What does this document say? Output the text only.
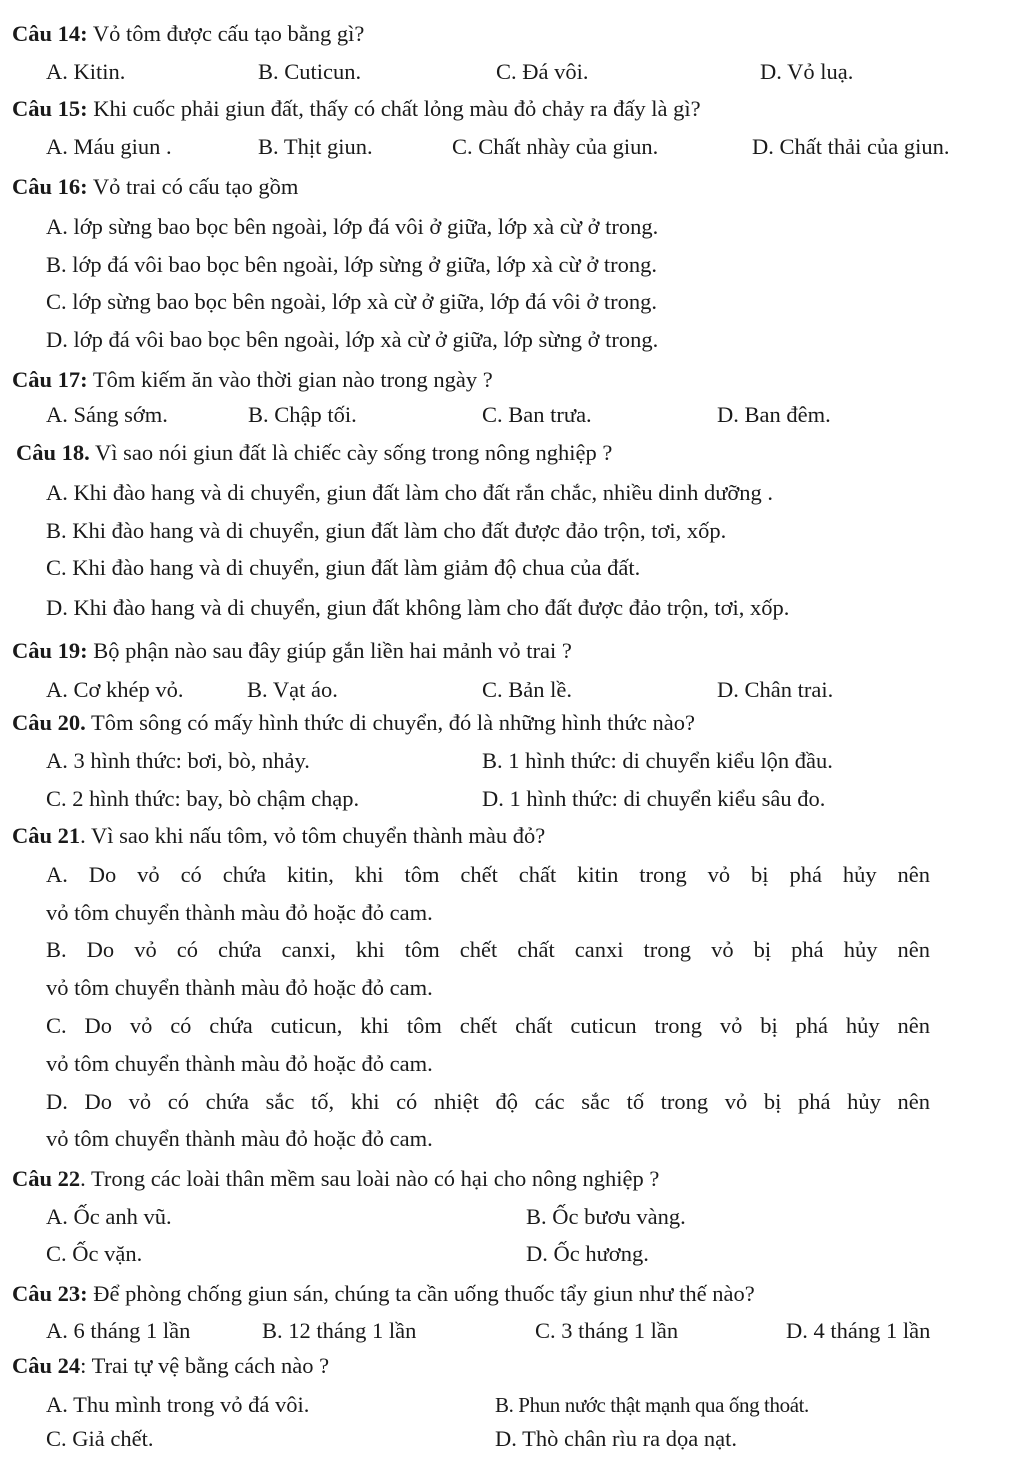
Câu 14: Vỏ tôm được cấu tạo bằng gì?
A. Kitin.	B. Cuticun.	C. Đá vôi.	D. Vỏ luạ.
Câu 15: Khi cuốc phải giun đất, thấy có chất lỏng màu đỏ chảy ra đấy là gì?
A. Máu giun .	B. Thịt giun.	C. Chất nhày của giun.	D. Chất thải của giun.
Câu 16: Vỏ trai có cấu tạo gồm
A. lớp sừng bao bọc bên ngoài, lớp đá vôi ở giữa, lớp xà cừ ở trong.
B. lớp đá vôi bao bọc bên ngoài, lớp sừng ở giữa, lớp xà cừ ở trong.
C. lớp sừng bao bọc bên ngoài, lớp xà cừ ở giữa, lớp đá vôi ở trong.
D. lớp đá vôi bao bọc bên ngoài, lớp xà cừ ở giữa, lớp sừng ở trong.
Câu 17: Tôm kiếm ăn vào thời gian nào trong ngày ?
A. Sáng sớm.	B. Chập tối.	C. Ban trưa.	D. Ban đêm.
Câu 18. Vì sao nói giun đất là chiếc cày sống trong nông nghiệp ?
A. Khi đào hang và di chuyển, giun đất làm cho đất rắn chắc, nhiều dinh dưỡng .
B. Khi đào hang và di chuyển, giun đất làm cho đất được đảo trộn, tơi, xốp.
C. Khi đào hang và di chuyển, giun đất làm giảm độ chua của đất.
D. Khi đào hang và di chuyển, giun đất không làm cho đất được đảo trộn, tơi, xốp.
Câu 19: Bộ phận nào sau đây giúp gắn liền hai mảnh vỏ trai ?
A. Cơ khép vỏ.	B. Vạt áo.	C. Bản lề.	D. Chân trai.
Câu 20. Tôm sông có mấy hình thức di chuyển, đó là những hình thức nào?
A. 3 hình thức: bơi, bò, nhảy.	B. 1 hình thức: di chuyển kiểu lộn đầu.
C. 2 hình thức: bay, bò chậm chạp.	D. 1 hình thức: di chuyển kiểu sâu đo.
Câu 21. Vì sao khi nấu tôm, vỏ tôm chuyển thành màu đỏ?
A. Do vỏ có chứa kitin, khi tôm chết chất kitin trong vỏ bị phá hủy nên
vỏ tôm chuyển thành màu đỏ hoặc đỏ cam.
B. Do vỏ có chứa canxi, khi tôm chết chất canxi trong vỏ bị phá hủy nên
vỏ tôm chuyển thành màu đỏ hoặc đỏ cam.
C. Do vỏ có chứa cuticun, khi tôm chết chất cuticun trong vỏ bị phá hủy nên
vỏ tôm chuyển thành màu đỏ hoặc đỏ cam.
D. Do vỏ có chứa sắc tố, khi có nhiệt độ các sắc tố trong vỏ bị phá hủy nên
vỏ tôm chuyển thành màu đỏ hoặc đỏ cam.
Câu 22. Trong các loài thân mềm sau loài nào có hại cho nông nghiệp ?
A. Ốc anh vũ.	B. Ốc bươu vàng.
C. Ốc vặn.	D. Ốc hương.
Câu 23: Để phòng chống giun sán, chúng ta cần uống thuốc tẩy giun như thế nào?
A. 6 tháng 1 lần	B. 12 tháng 1 lần	C. 3 tháng 1 lần	D. 4 tháng 1 lần
Câu 24: Trai tự vệ bằng cách nào ?
A. Thu mình trong vỏ đá vôi.	B. Phun nước thật mạnh qua ống thoát.
C. Giả chết.	D. Thò chân rìu ra dọa nạt.
